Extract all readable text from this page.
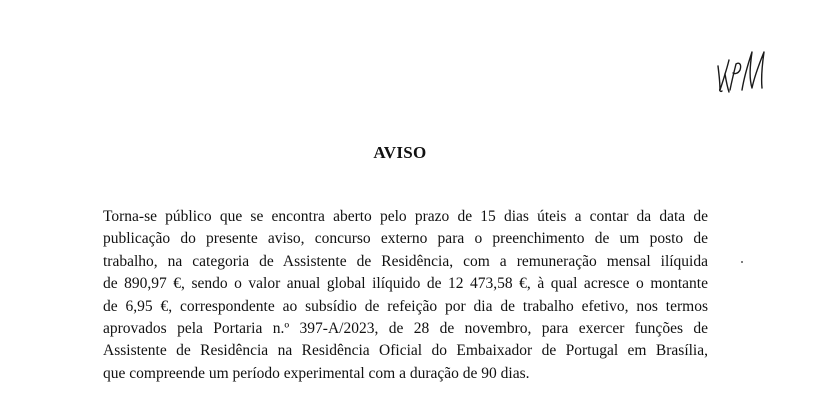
AVISO

Torna-se público que se encontra aberto pelo prazo de 15 dias úteis a contar da data de
publicação do presente aviso, concurso externo para o preenchimento de um posto de
trabalho, na categoria de Assistente de Residência, com a remuneração mensal ilíquida
de 890,97 €, sendo o valor anual global ilíquido de 12 473,58 €, à qual acresce o montante
de 6,95 €, correspondente ao subsídio de refeição por dia de trabalho efetivo, nos termos
aprovados pela Portaria n.º 397-A/2023, de 28 de novembro, para exercer funções de
Assistente de Residência na Residência Oficial do Embaixador de Portugal em Brasília,
que compreende um período experimental com a duração de 90 dias.
